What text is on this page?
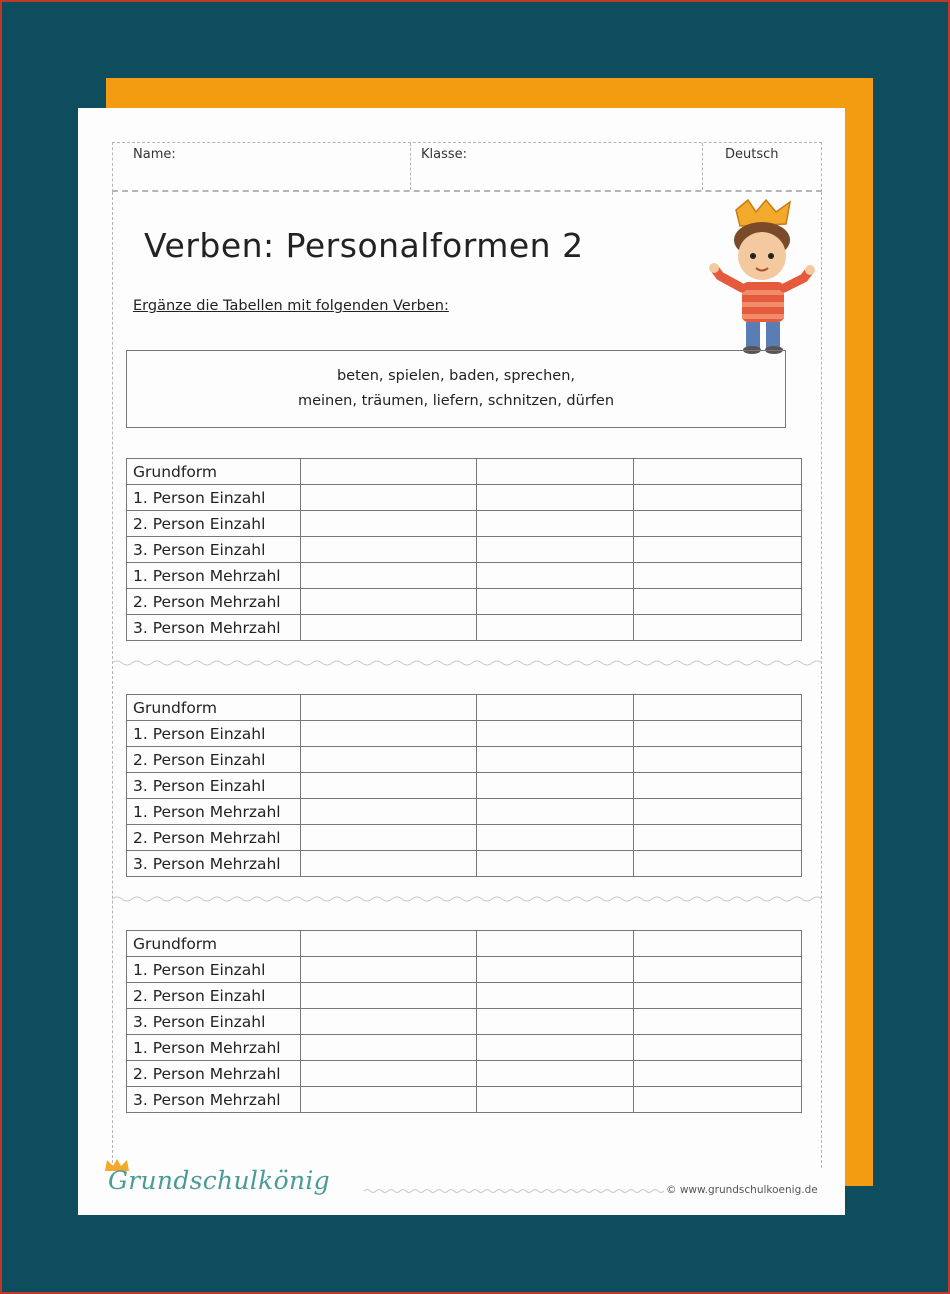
Name:	Klasse:	Deutsch
Verben: Personalformen 2
Ergänze die Tabellen mit folgenden Verben:
beten, spielen, baden, sprechen,
meinen, träumen, liefern, schnitzen, dürfen
Grundform			
1. Person Einzahl			
2. Person Einzahl			
3. Person Einzahl			
1. Person Mehrzahl			
2. Person Mehrzahl			
3. Person Mehrzahl			
Grundform			
1. Person Einzahl			
2. Person Einzahl			
3. Person Einzahl			
1. Person Mehrzahl			
2. Person Mehrzahl			
3. Person Mehrzahl			
Grundform			
1. Person Einzahl			
2. Person Einzahl			
3. Person Einzahl			
1. Person Mehrzahl			
2. Person Mehrzahl			
3. Person Mehrzahl			
Grundschulkönig	© www.grundschulkoenig.de
